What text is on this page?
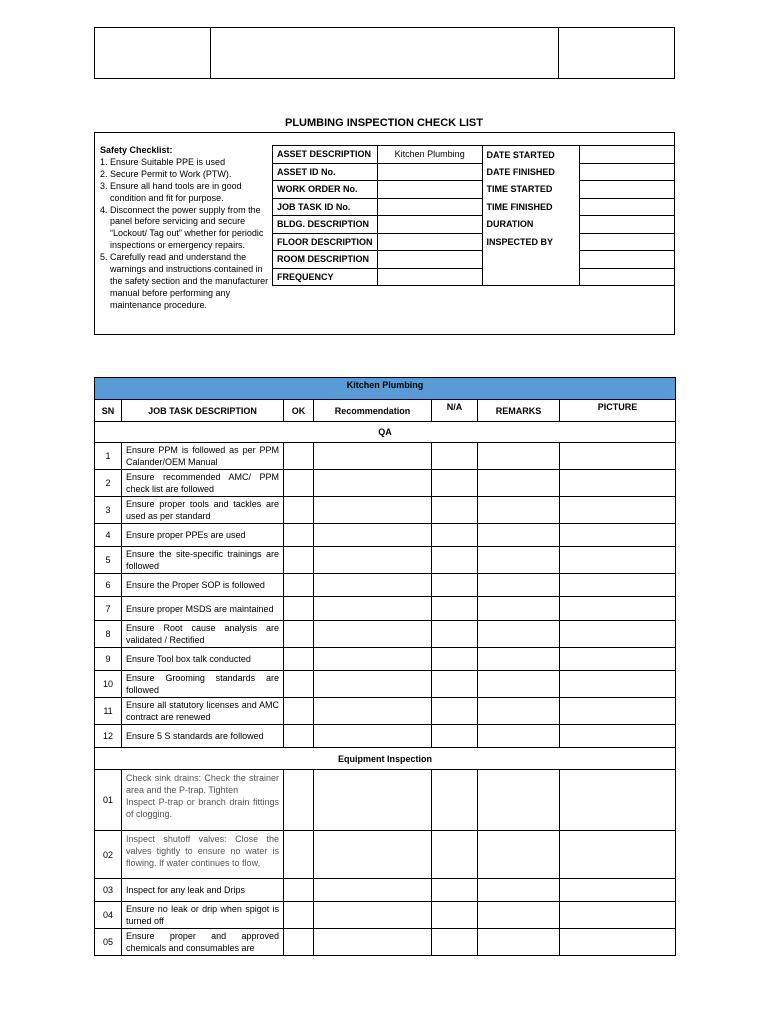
PLUMBING INSPECTION CHECK LIST
Safety Checklist:
1. Ensure Suitable PPE is used
2. Secure Permit to Work (PTW).
3. Ensure all hand tools are in good condition and fit for purpose.
4. Disconnect the power supply from the panel before servicing and secure “Lockout/ Tag out” whether for periodic inspections or emergency repairs.
5. Carefully read and understand the warnings and instructions contained in the safety section and the manufacturer manual before performing any maintenance procedure.
ASSET DESCRIPTION	Kitchen Plumbing	DATE STARTED	
ASSET ID No.		DATE FINISHED	
WORK ORDER No.		TIME STARTED	
JOB TASK ID No.		TIME FINISHED	
BLDG. DESCRIPTION		DURATION	
FLOOR DESCRIPTION		INSPECTED BY	
ROOM DESCRIPTION			
FREQUENCY			
Kitchen Plumbing						
SN	JOB TASK DESCRIPTION	OK	Recommendation	N/A	REMARKS	PICTURE
QA						
1	Ensure PPM is followed as per PPM Calander/OEM Manual					
2	Ensure recommended AMC/ PPM check list are followed					
3	Ensure proper tools and tackles are used as per standard					
4	Ensure proper PPEs are used					
5	Ensure the site-specific trainings are followed					
6	Ensure the Proper SOP is followed					
7	Ensure proper MSDS are maintained					
8	Ensure Root cause analysis are validated / Rectified					
9	Ensure Tool box talk conducted					
10	Ensure Grooming standards are followed					
11	Ensure all statutory licenses and AMC contract are renewed					
12	Ensure 5 S standards are followed					
Equipment Inspection						
01	Check sink drains: Check the strainer area and the P-trap. Tighten
Inspect P-trap or branch drain fittings of clogging.					
02	Inspect shutoff valves: Close the valves tightly to ensure no water is flowing. If water continues to flow,					
03	Inspect for any leak and Drips					
04	Ensure no leak or drip when spigot is turned off					
05	Ensure proper and approved chemicals and consumables are					
